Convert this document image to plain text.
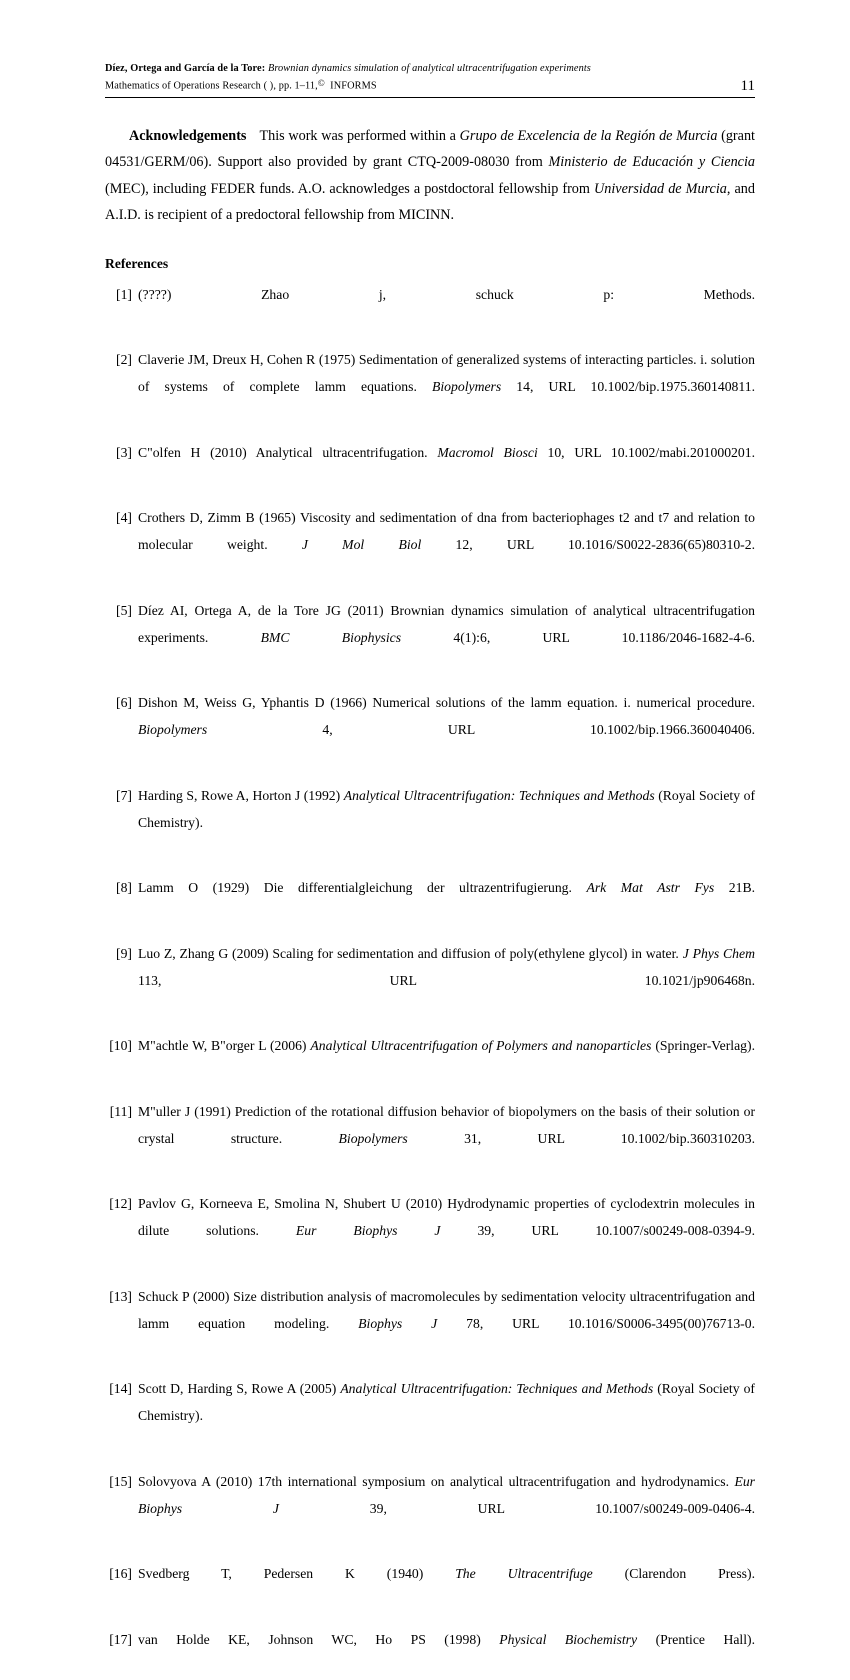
Díez, Ortega and García de la Tore: Brownian dynamics simulation of analytical ultracentrifugation experiments
Mathematics of Operations Research ( ), pp. 1–11,© INFORMS	11

Acknowledgements This work was performed within a Grupo de Excelencia de la Región de Murcia (grant 04531/GERM/06). Support also provided by grant CTQ-2009-08030 from Ministerio de Educación y Ciencia (MEC), including FEDER funds. A.O. acknowledges a postdoctoral fellowship from Universidad de Murcia, and A.I.D. is recipient of a predoctoral fellowship from MICINN.

References
[1] (????) Zhao j, schuck p: Methods.
[2] Claverie JM, Dreux H, Cohen R (1975) Sedimentation of generalized systems of interacting particles. i. solution of systems of complete lamm equations. Biopolymers 14, URL 10.1002/bip.1975.360140811.
[3] C"olfen H (2010) Analytical ultracentrifugation. Macromol Biosci 10, URL 10.1002/mabi.201000201.
[4] Crothers D, Zimm B (1965) Viscosity and sedimentation of dna from bacteriophages t2 and t7 and relation to molecular weight. J Mol Biol 12, URL 10.1016/S0022-2836(65)80310-2.
[5] Díez AI, Ortega A, de la Tore JG (2011) Brownian dynamics simulation of analytical ultracentrifugation experiments. BMC Biophysics 4(1):6, URL 10.1186/2046-1682-4-6.
[6] Dishon M, Weiss G, Yphantis D (1966) Numerical solutions of the lamm equation. i. numerical procedure. Biopolymers 4, URL 10.1002/bip.1966.360040406.
[7] Harding S, Rowe A, Horton J (1992) Analytical Ultracentrifugation: Techniques and Methods (Royal Society of Chemistry).
[8] Lamm O (1929) Die differentialgleichung der ultrazentrifugierung. Ark Mat Astr Fys 21B.
[9] Luo Z, Zhang G (2009) Scaling for sedimentation and diffusion of poly(ethylene glycol) in water. J Phys Chem 113, URL 10.1021/jp906468n.
[10] M"achtle W, B"orger L (2006) Analytical Ultracentrifugation of Polymers and nanoparticles (Springer-Verlag).
[11] M"uller J (1991) Prediction of the rotational diffusion behavior of biopolymers on the basis of their solution or crystal structure. Biopolymers 31, URL 10.1002/bip.360310203.
[12] Pavlov G, Korneeva E, Smolina N, Shubert U (2010) Hydrodynamic properties of cyclodextrin molecules in dilute solutions. Eur Biophys J 39, URL 10.1007/s00249-008-0394-9.
[13] Schuck P (2000) Size distribution analysis of macromolecules by sedimentation velocity ultracentrifugation and lamm equation modeling. Biophys J 78, URL 10.1016/S0006-3495(00)76713-0.
[14] Scott D, Harding S, Rowe A (2005) Analytical Ultracentrifugation: Techniques and Methods (Royal Society of Chemistry).
[15] Solovyova A (2010) 17th international symposium on analytical ultracentrifugation and hydrodynamics. Eur Biophys J 39, URL 10.1007/s00249-009-0406-4.
[16] Svedberg T, Pedersen K (1940) The Ultracentrifuge (Clarendon Press).
[17] van Holde KE, Johnson WC, Ho PS (1998) Physical Biochemistry (Prentice Hall).
